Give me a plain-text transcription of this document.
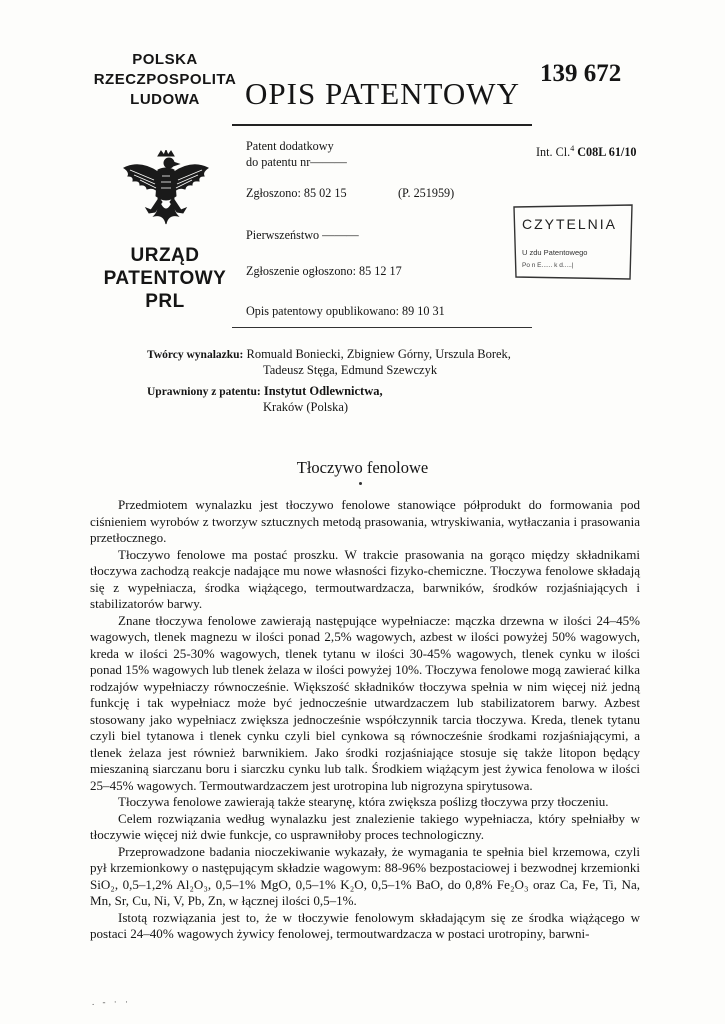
POLSKA
RZECZPOSPOLITA
LUDOWA	OPIS PATENTOWY
139 672
URZĄD
PATENTOWY
PRL
Patent dodatkowy
do patentu nr———
Zgłoszono: 85 02 15	(P. 251959)
Pierwszeństwo ———
Zgłoszenie ogłoszono: 85 12 17
Opis patentowy opublikowano: 89 10 31
Int. Cl.$^4$ C08L 61/10
CZYTELNIA
U zdu Patentowego
Po n E...... k d.....|
Twórcy wynalazku: Romuald Boniecki, Zbigniew Górny, Urszula Borek,
Tadeusz Stęga, Edmund Szewczyk
Uprawniony z patentu: Instytut Odlewnictwa,
Kraków (Polska)
Tłoczywo fenolowe

Przedmiotem wynalazku jest tłoczywo fenolowe stanowiące półprodukt do formowania pod ciśnieniem wyrobów z tworzyw sztucznych metodą prasowania, wtryskiwania, wytłaczania i prasowania przetłocznego.

Tłoczywo fenolowe ma postać proszku. W trakcie prasowania na gorąco między składnikami tłoczywa zachodzą reakcje nadające mu nowe własności fizyko-chemiczne. Tłoczywa fenolowe składają się z wypełniacza, środka wiążącego, termoutwardzacza, barwników, środków rozjaśniających i stabilizatorów barwy.

Znane tłoczywa fenolowe zawierają następujące wypełniacze: mączka drzewna w ilości 24–45% wagowych, tlenek magnezu w ilości ponad 2,5% wagowych, azbest w ilości powyżej 50% wagowych, kreda w ilości 25-30% wagowych, tlenek tytanu w ilości 30-45% wagowych, tlenek cynku w ilości ponad 15% wagowych lub tlenek żelaza w ilości powyżej 10%. Tłoczywa fenolowe mogą zawierać kilka rodzajów wypełniaczy równocześnie. Większość składników tłoczywa spełnia w nim więcej niż jedną funkcję i tak wypełniacz może być jednocześnie utwardzaczem lub stabilizatorem barwy. Azbest stosowany jako wypełniacz zwiększa jednocześnie współczynnik tarcia tłoczywa. Kreda, tlenek tytanu czyli biel tytanowa i tlenek cynku czyli biel cynkowa są równocześnie środkami rozjaśniającymi, a tlenek żelaza jest również barwnikiem. Jako środki rozjaśniające stosuje się także litopon będący mieszaniną siarczanu boru i siarczku cynku lub talk. Środkiem wiążącym jest żywica fenolowa w ilości 25–45% wagowych. Termoutwardzaczem jest urotropina lub nigrozyna spirytusowa.

Tłoczywa fenolowe zawierają także stearynę, która zwiększa poślizg tłoczywa przy tłoczeniu.

Celem rozwiązania według wynalazku jest znalezienie takiego wypełniacza, który spełniałby w tłoczywie więcej niż dwie funkcje, co usprawniłoby proces technologiczny.

Przeprowadzone badania nioczekiwanie wykazały, że wymagania te spełnia biel krzemowa, czyli pył krzemionkowy o następującym składzie wagowym: 88-96% bezpostaciowej i bezwodnej krzemionki SiO₂, 0,5–1,2% Al₂O₃, 0,5–1% MgO, 0,5–1% K₂O, 0,5–1% BaO, do 0,8% Fe₂O₃ oraz Ca, Fe, Ti, Na, Mn, Sr, Cu, Ni, V, Pb, Zn, w łącznej ilości 0,5–1%.

Istotą rozwiązania jest to, że w tłoczywie fenolowym składającym się ze środka wiążącego w postaci 24–40% wagowych żywicy fenolowej, termoutwardzacza w postaci urotropiny, barwni-

. - · ·
